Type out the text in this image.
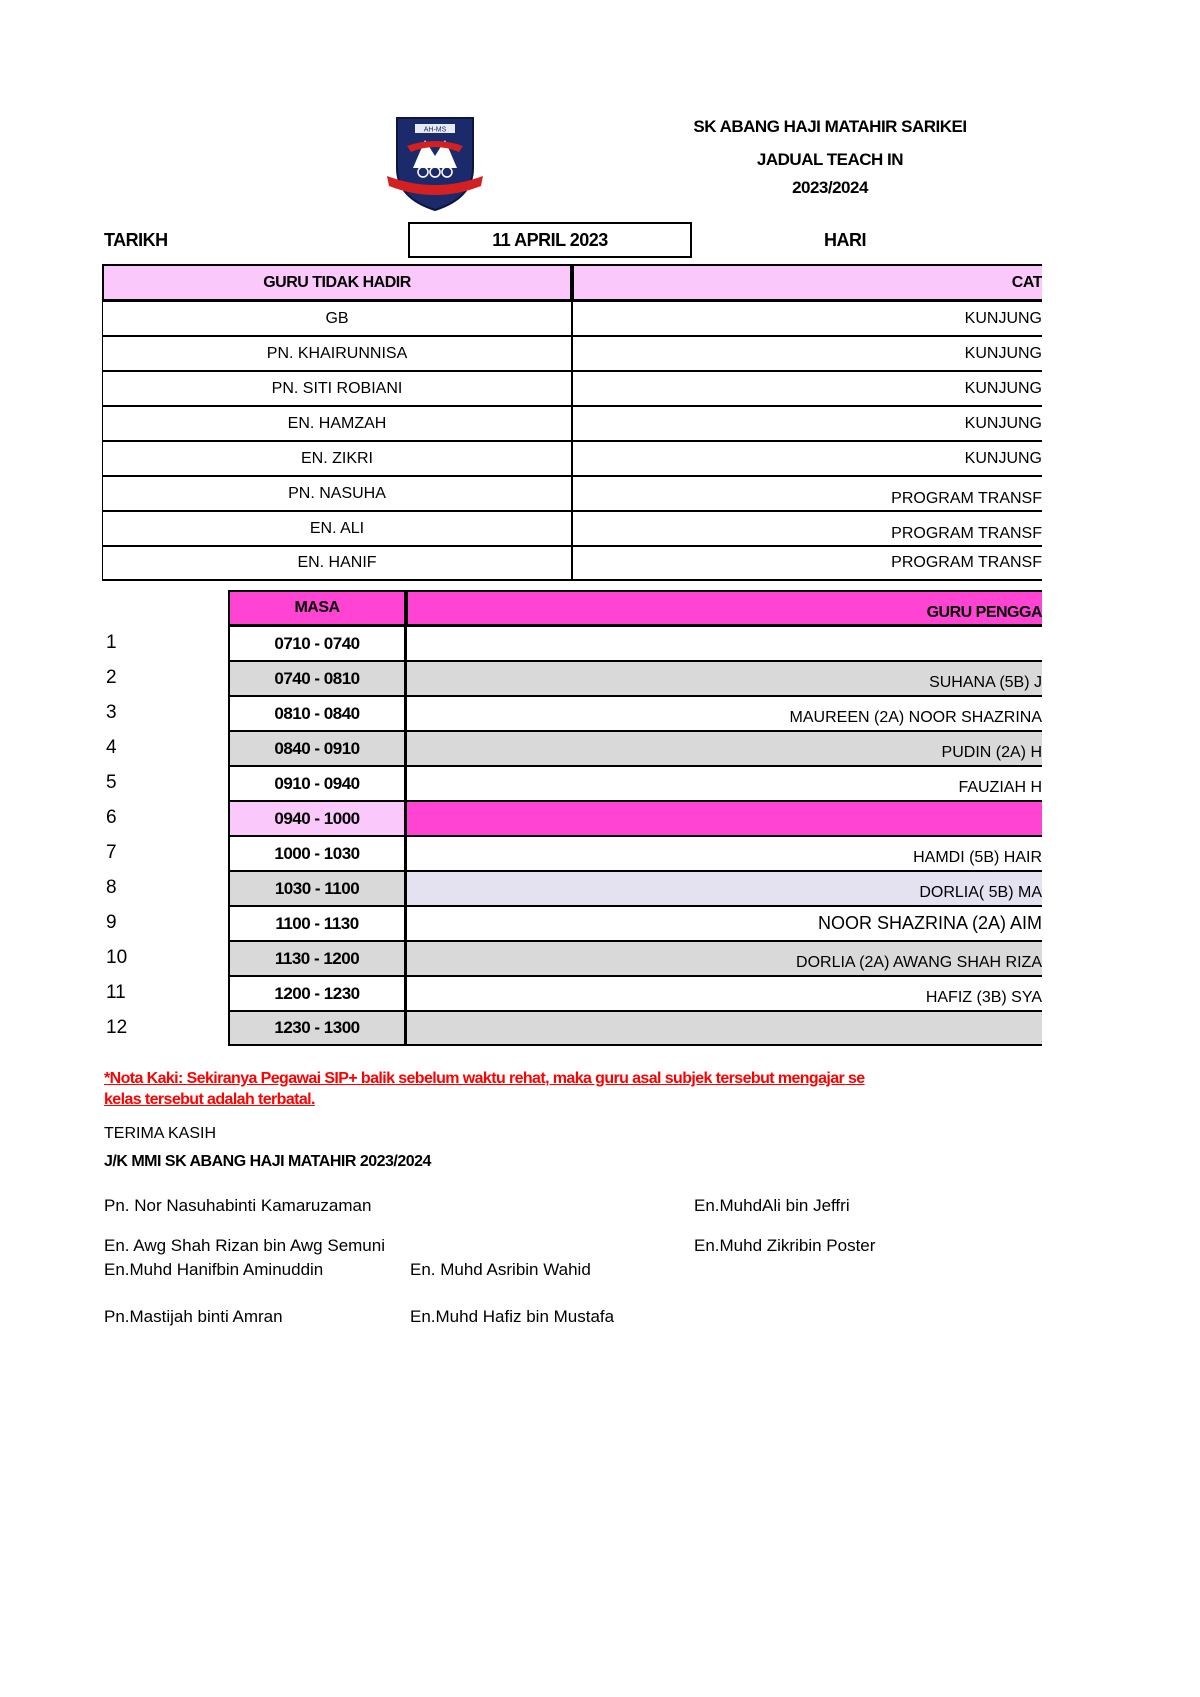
AH-MS	SK ABANG HAJI MATAHIR SARIKEI
JADUAL TEACH IN
2023/2024
TARIKH	11 APRIL 2023	HARI
GURU TIDAK HADIR	CAT
GB	KUNJUNG
PN. KHAIRUNNISA	KUNJUNG
PN. SITI ROBIANI	KUNJUNG
EN. HAMZAH	KUNJUNG
EN. ZIKRI	KUNJUNG
PN. NASUHA	PROGRAM TRANSF
EN. ALI	PROGRAM TRANSF
EN. HANIF	PROGRAM TRANSF
MASA	GURU PENGGA
1	0710 - 0740
2	0740 - 0810	SUHANA (5B) J
3	0810 - 0840	MAUREEN (2A) NOOR SHAZRINA
4	0840 - 0910	PUDIN (2A) H
5	0910 - 0940	FAUZIAH H
6	0940 - 1000
7	1000 - 1030	HAMDI (5B) HAIR
8	1030 - 1100	DORLIA( 5B) MA
9	1100 - 1130	NOOR SHAZRINA (2A) AIM
10	1130 - 1200	DORLIA (2A) AWANG SHAH RIZA
11	1200 - 1230	HAFIZ (3B) SYA
12	1230 - 1300
*Nota Kaki: Sekiranya Pegawai SIP+ balik sebelum waktu rehat, maka guru asal subjek tersebut mengajar se
kelas tersebut adalah terbatal.
TERIMA KASIH
J/K MMI SK ABANG HAJI MATAHIR 2023/2024
Pn. Nor Nasuhabinti Kamaruzaman	En.MuhdAli bin Jeffri
En. Awg Shah Rizan bin Awg Semuni	En.Muhd Zikribin Poster
En.Muhd Hanifbin Aminuddin	En. Muhd Asribin Wahid
Pn.Mastijah binti Amran	En.Muhd Hafiz bin Mustafa
